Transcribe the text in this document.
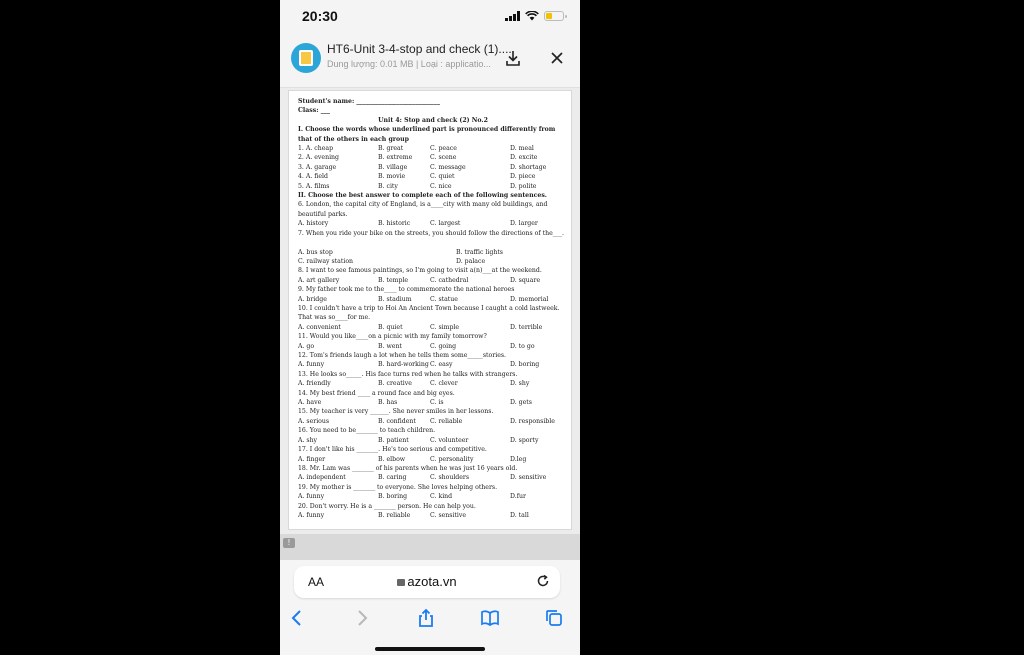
20:30
HT6-Unit 3-4-stop and check (1)....
Dung lượng: 0.01 MB | Loại : applicatio...
Student's name: ___________________________
Class: ___
Unit 4: Stop and check (2) No.2
I. Choose the words whose underlined part is pronounced differently from that of the others in each group
1. A. cheap	B. great	C. peace	D. meal
2. A. evening	B. extreme	C. scene	D. excite
3. A. garage	B. village	C. message	D. shortage
4. A. field	B. movie	C. quiet	D. piece
5. A. films	B. city	C. nice	D. polite
II. Choose the best answer to complete each of the following sentences.
6. London, the capital city of England, is a____city with many old buildings, and beautiful parks.
A. history	B. historic	C. largest	D. larger
7. When you ride your bike on the streets, you should follow the directions of the___.
A. bus stop	B. traffic lights
C. railway station	D. palace
8. I want to see famous paintings, so I'm going to visit a(n)___at the weekend.
A. art gallery	B. temple	C. cathedral	D. square
9. My father took me to the____ to commemorate the national heroes
A. bridge	B. stadium	C. statue	D. memorial
10. I couldn't have a trip to Hoi An Ancient Town because I caught a cold lastweek. That was so____for me.
A. convenient	B. quiet	C. simple	D. terrible
11. Would you like____on a picnic with my family tomorrow?
A. go	B. went	C. going	D. to go
12. Tom's friends laugh a lot when he tells them some_____stories.
A. funny	B. hard-working C. easy	D. boring
13. He looks so_____. His face turns red when he talks with strangers.
A. friendly	B. creative	C. clever	D. shy
14. My best friend ____ a round face and big eyes.
A. have	B. has	C. is	D. gets
15. My teacher is very ______. She never smiles in her lessons.
A. serious	B. confident	C. reliable	D. responsible
16. You need to be_______ to teach children.
A. shy	B. patient	C. volunteer	D. sporty
17. I don't like his _______. He's too serious and competitive.
A. finger	B. elbow	C. personality	D.leg
18. Mr. Lam was _______ of his parents when he was just 16 years old.
A. independent	B. caring	C. shoulders	D. sensitive
19. My mother is _______ to everyone. She loves helping others.
A. funny	B. boring	C. kind	D.fur
20. Don't worry. He is a _______ person. He can help you.
A. funny	B. reliable	C. sensitive	D. tall
!
AA	azota.vn
